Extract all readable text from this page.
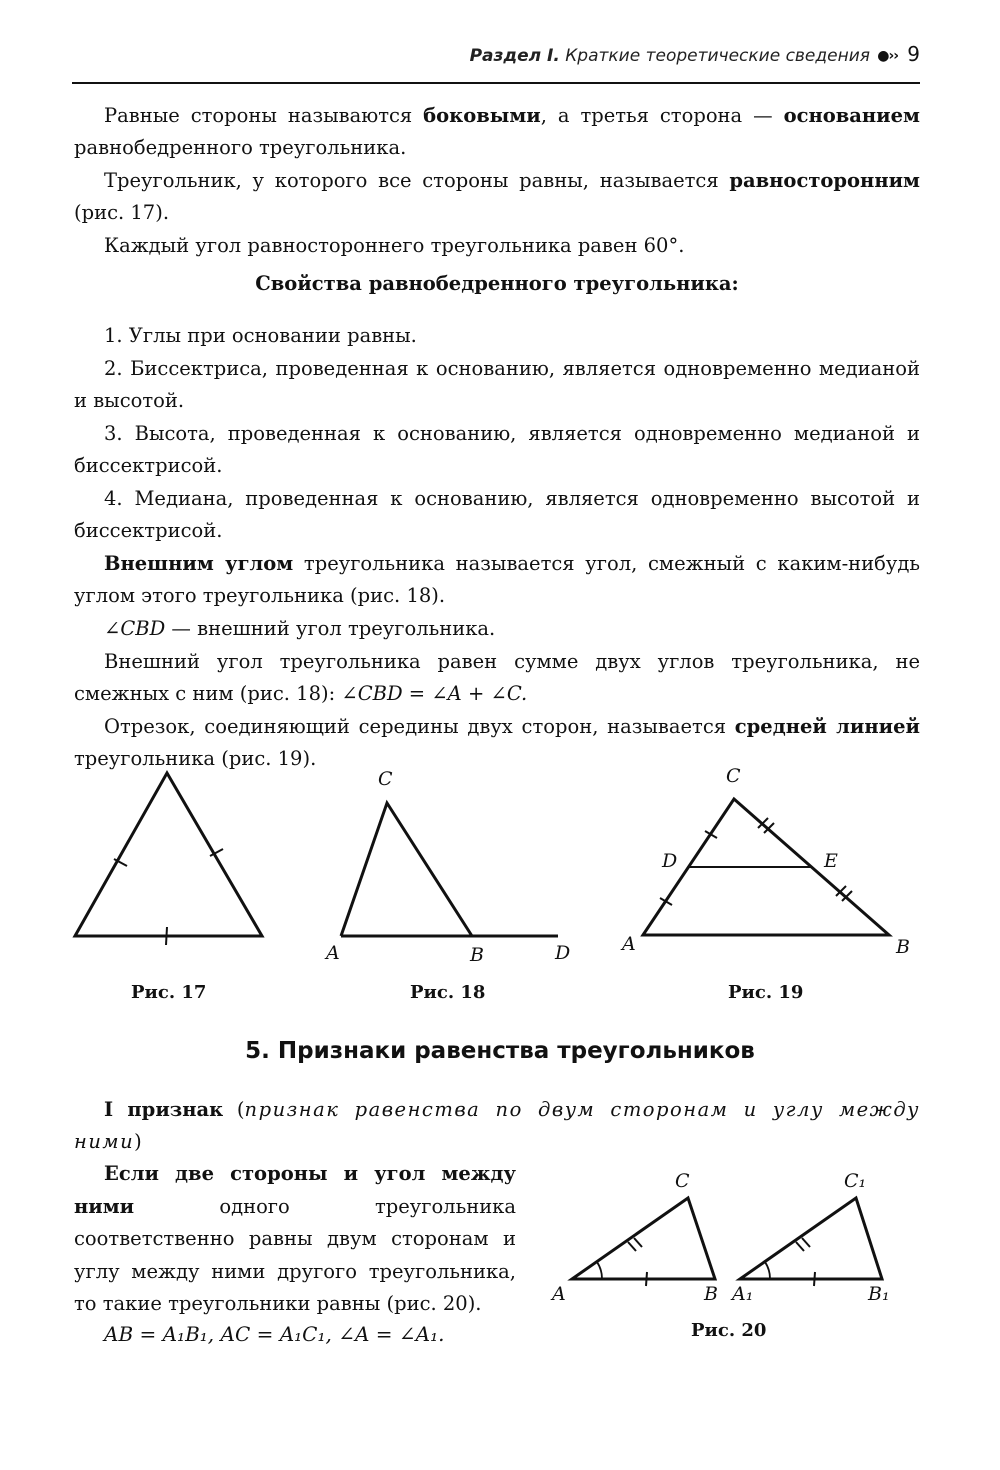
Раздел I. Краткие теоретические сведения ●›› 9

Равные стороны называются боковыми, а третья сторона — основанием равнобедренного треугольника.

Треугольник, у которого все стороны равны, называется равносторонним (рис. 17).

Каждый угол равностороннего треугольника равен 60°.

Свойства равнобедренного треугольника:

1. Углы при основании равны.

2. Биссектриса, проведенная к основанию, является одновременно медианой и высотой.

3. Высота, проведенная к основанию, является одновременно медианой и биссектрисой.

4. Медиана, проведенная к основанию, является одновременно высотой и биссектрисой.

Внешним углом треугольника называется угол, смежный с каким-нибудь углом этого треугольника (рис. 18).

∠CBD — внешний угол треугольника.

Внешний угол треугольника равен сумме двух углов треугольника, не смежных с ним (рис. 18): ∠CBD = ∠A + ∠C.

Отрезок, соединяющий середины двух сторон, называется средней линией треугольника (рис. 19).

Рис. 17
C
A	B	D
Рис. 18
C
D	E
A	B
Рис. 19
5. Признаки равенства треугольников

I признак (признак равенства по двум сторонам и углу между ними)

Если две стороны и угол между ними одного треугольника соответственно равны двум сторонам и углу между ними другого треугольника, то такие треугольники равны (рис. 20).

AB = A₁B₁, AC = A₁C₁, ∠A = ∠A₁.
C
A	B
C₁
A₁	B₁
Рис. 20
